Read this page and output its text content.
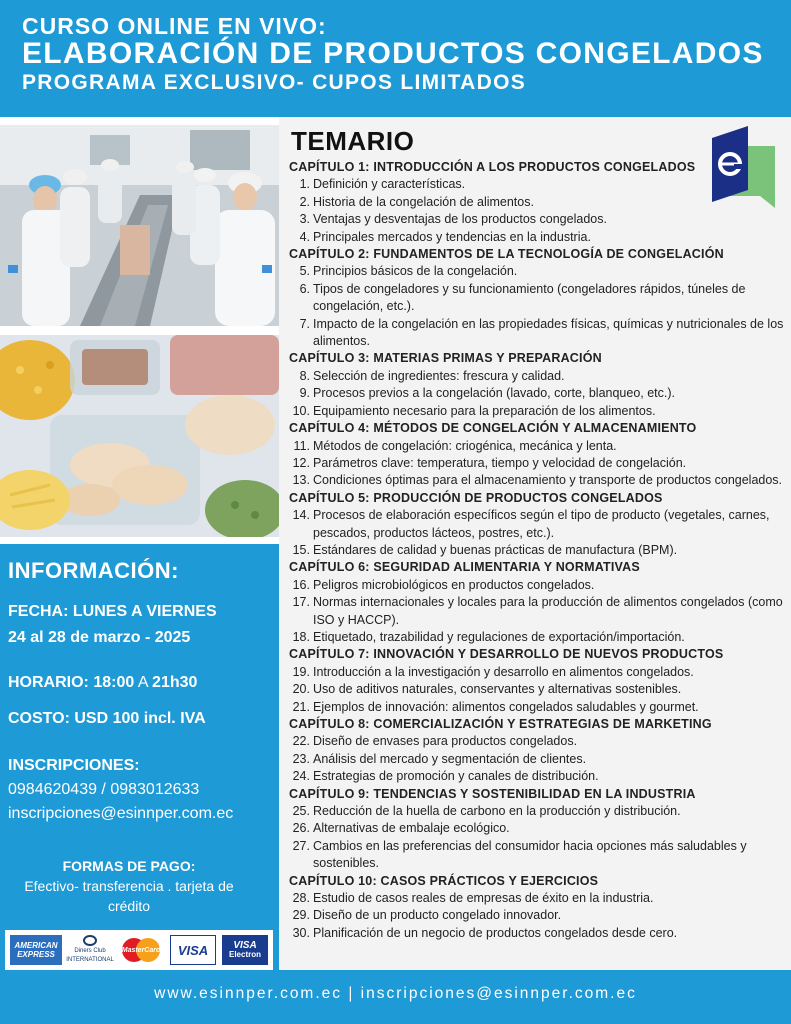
CURSO ONLINE EN VIVO:
ELABORACIÓN DE PRODUCTOS CONGELADOS
PROGRAMA EXCLUSIVO- CUPOS LIMITADOS
INFORMACIÓN:
FECHA: LUNES A VIERNES
24 al 28 de marzo - 2025
HORARIO: 18:00 A 21h30
COSTO: USD 100 incl. IVA
INSCRIPCIONES:
0984620439 / 0983012633
inscripciones@esinnper.com.ec
FORMAS DE PAGO:
Efectivo- transferencia . tarjeta de crédito
AMERICAN EXPRESS	Diners Club INTERNATIONAL
MasterCard	VISA	VISA
Electron
TEMARIO
CAPÍTULO 1: INTRODUCCIÓN A LOS PRODUCTOS CONGELADOS
1. Definición y características.
2. Historia de la congelación de alimentos.
3. Ventajas y desventajas de los productos congelados.
4. Principales mercados y tendencias en la industria.
CAPÍTULO 2: FUNDAMENTOS DE LA TECNOLOGÍA DE CONGELACIÓN
5. Principios básicos de la congelación.
6. Tipos de congeladores y su funcionamiento (congeladores rápidos, túneles de congelación, etc.).
7. Impacto de la congelación en las propiedades físicas, químicas y nutricionales de los alimentos.
CAPÍTULO 3: MATERIAS PRIMAS Y PREPARACIÓN
8. Selección de ingredientes: frescura y calidad.
9. Procesos previos a la congelación (lavado, corte, blanqueo, etc.).
10. Equipamiento necesario para la preparación de los alimentos.
CAPÍTULO 4: MÉTODOS DE CONGELACIÓN Y ALMACENAMIENTO
11. Métodos de congelación: criogénica, mecánica y lenta.
12. Parámetros clave: temperatura, tiempo y velocidad de congelación.
13. Condiciones óptimas para el almacenamiento y transporte de productos congelados.
CAPÍTULO 5: PRODUCCIÓN DE PRODUCTOS CONGELADOS
14. Procesos de elaboración específicos según el tipo de producto (vegetales, carnes, pescados, productos lácteos, postres, etc.).
15. Estándares de calidad y buenas prácticas de manufactura (BPM).
CAPÍTULO 6: SEGURIDAD ALIMENTARIA Y NORMATIVAS
16. Peligros microbiológicos en productos congelados.
17. Normas internacionales y locales para la producción de alimentos congelados (como ISO y HACCP).
18. Etiquetado, trazabilidad y regulaciones de exportación/importación.
CAPÍTULO 7: INNOVACIÓN Y DESARROLLO DE NUEVOS PRODUCTOS
19. Introducción a la investigación y desarrollo en alimentos congelados.
20. Uso de aditivos naturales, conservantes y alternativas sostenibles.
21. Ejemplos de innovación: alimentos congelados saludables y gourmet.
CAPÍTULO 8: COMERCIALIZACIÓN Y ESTRATEGIAS DE MARKETING
22. Diseño de envases para productos congelados.
23. Análisis del mercado y segmentación de clientes.
24. Estrategias de promoción y canales de distribución.
CAPÍTULO 9: TENDENCIAS Y SOSTENIBILIDAD EN LA INDUSTRIA
25. Reducción de la huella de carbono en la producción y distribución.
26. Alternativas de embalaje ecológico.
27. Cambios en las preferencias del consumidor hacia opciones más saludables y sostenibles.
CAPÍTULO 10: CASOS PRÁCTICOS Y EJERCICIOS
28. Estudio de casos reales de empresas de éxito en la industria.
29. Diseño de un producto congelado innovador.
30. Planificación de un negocio de productos congelados desde cero.
www.esinnper.com.ec | inscripciones@esinnper.com.ec
